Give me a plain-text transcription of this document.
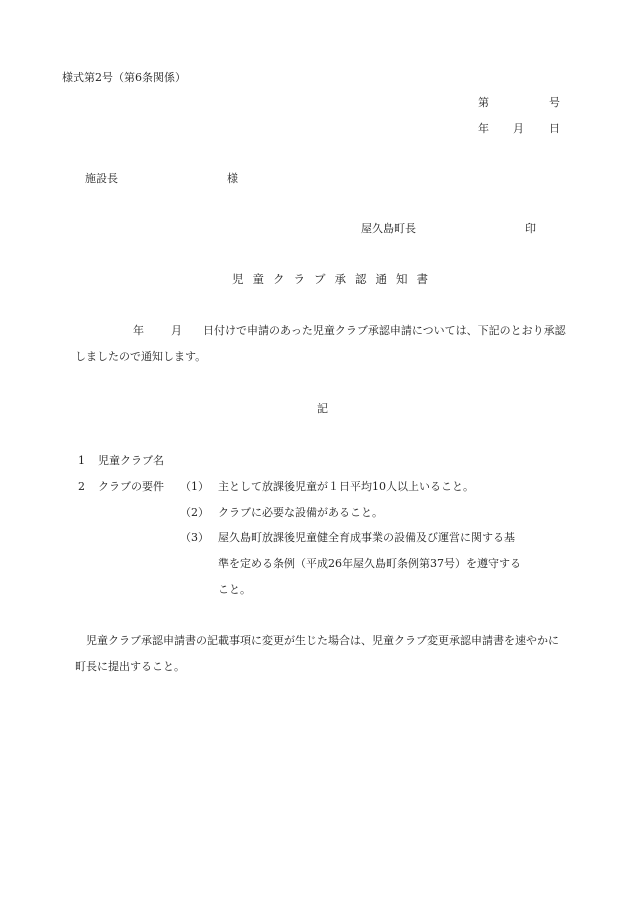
様式第2号（第6条関係）
第	号
年 月 日
施設長	様
屋久島町長	印
児童クラブ承認通知書
年 月 日付けで申請のあった児童クラブ承認申請については、下記のとおり承認
しましたので通知します。
記
1 児童クラブ名
2 クラブの要件 （1） 主として放課後児童が１日平均10人以上いること。
（2） クラブに必要な設備があること。
（3） 屋久島町放課後児童健全育成事業の設備及び運営に関する基
準を定める条例（平成26年屋久島町条例第37号）を遵守する
こと。
児童クラブ承認申請書の記載事項に変更が生じた場合は、児童クラブ変更承認申請書を速やかに
町長に提出すること。
